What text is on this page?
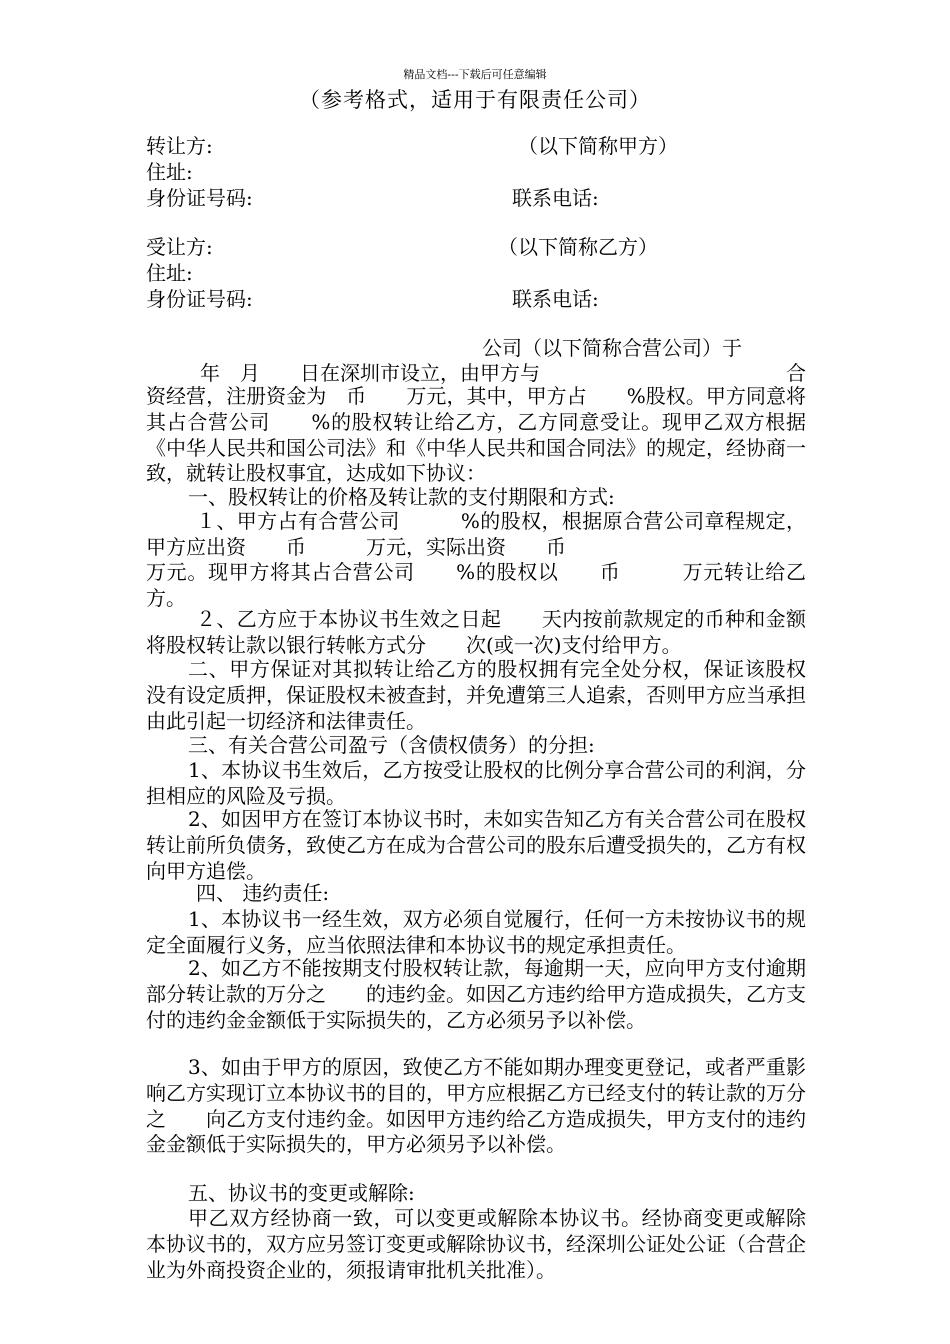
精品文档---下载后可任意编辑
（参考格式，适用于有限责任公司）
转让方:	（以下简称甲方）
住址:
身份证号码:	联系电话:
受让方:	（以下简称乙方）
住址:
身份证号码:	联系电话:
公司（以下简称合营公司）于
年　月　　日在深圳市设立，由甲方与	合
资经营，注册资金为　币　　万元，其中，甲方占　　%股权。甲方同意将其占合营公司　　%的股权转让给乙方，乙方同意受让。现甲乙双方根据《中华人民共和国公司法》和《中华人民共和国合同法》的规定，经协商一致，就转让股权事宜，达成如下协议：
一、股权转让的价格及转让款的支付期限和方式:
１、甲方占有合营公司　　　%的股权，根据原合营公司章程规定，甲方应出资　　币　　　万元，实际出资　　币
万元。现甲方将其占合营公司　　%的股权以　　币　　　万元转让给乙方。
２、乙方应于本协议书生效之日起　　天内按前款规定的币种和金额将股权转让款以银行转帐方式分　　次(或一次)支付给甲方。
二、甲方保证对其拟转让给乙方的股权拥有完全处分权，保证该股权没有设定质押，保证股权未被查封，并免遭第三人追索，否则甲方应当承担由此引起一切经济和法律责任。
三、有关合营公司盈亏（含债权债务）的分担:
1、本协议书生效后，乙方按受让股权的比例分享合营公司的利润，分担相应的风险及亏损。
2、如因甲方在签订本协议书时，未如实告知乙方有关合营公司在股权转让前所负债务，致使乙方在成为合营公司的股东后遭受损失的，乙方有权向甲方追偿。
四、 违约责任:
1、本协议书一经生效，双方必须自觉履行，任何一方未按协议书的规定全面履行义务，应当依照法律和本协议书的规定承担责任。
2、如乙方不能按期支付股权转让款，每逾期一天，应向甲方支付逾期部分转让款的万分之　　的违约金。如因乙方违约给甲方造成损失，乙方支付的违约金金额低于实际损失的，乙方必须另予以补偿。
3、如由于甲方的原因，致使乙方不能如期办理变更登记，或者严重影响乙方实现订立本协议书的目的，甲方应根据乙方已经支付的转让款的万分之　　向乙方支付违约金。如因甲方违约给乙方造成损失，甲方支付的违约金金额低于实际损失的，甲方必须另予以补偿。
五、协议书的变更或解除:
甲乙双方经协商一致，可以变更或解除本协议书。经协商变更或解除本协议书的，双方应另签订变更或解除协议书，经深圳公证处公证（合营企业为外商投资企业的，须报请审批机关批准）。
